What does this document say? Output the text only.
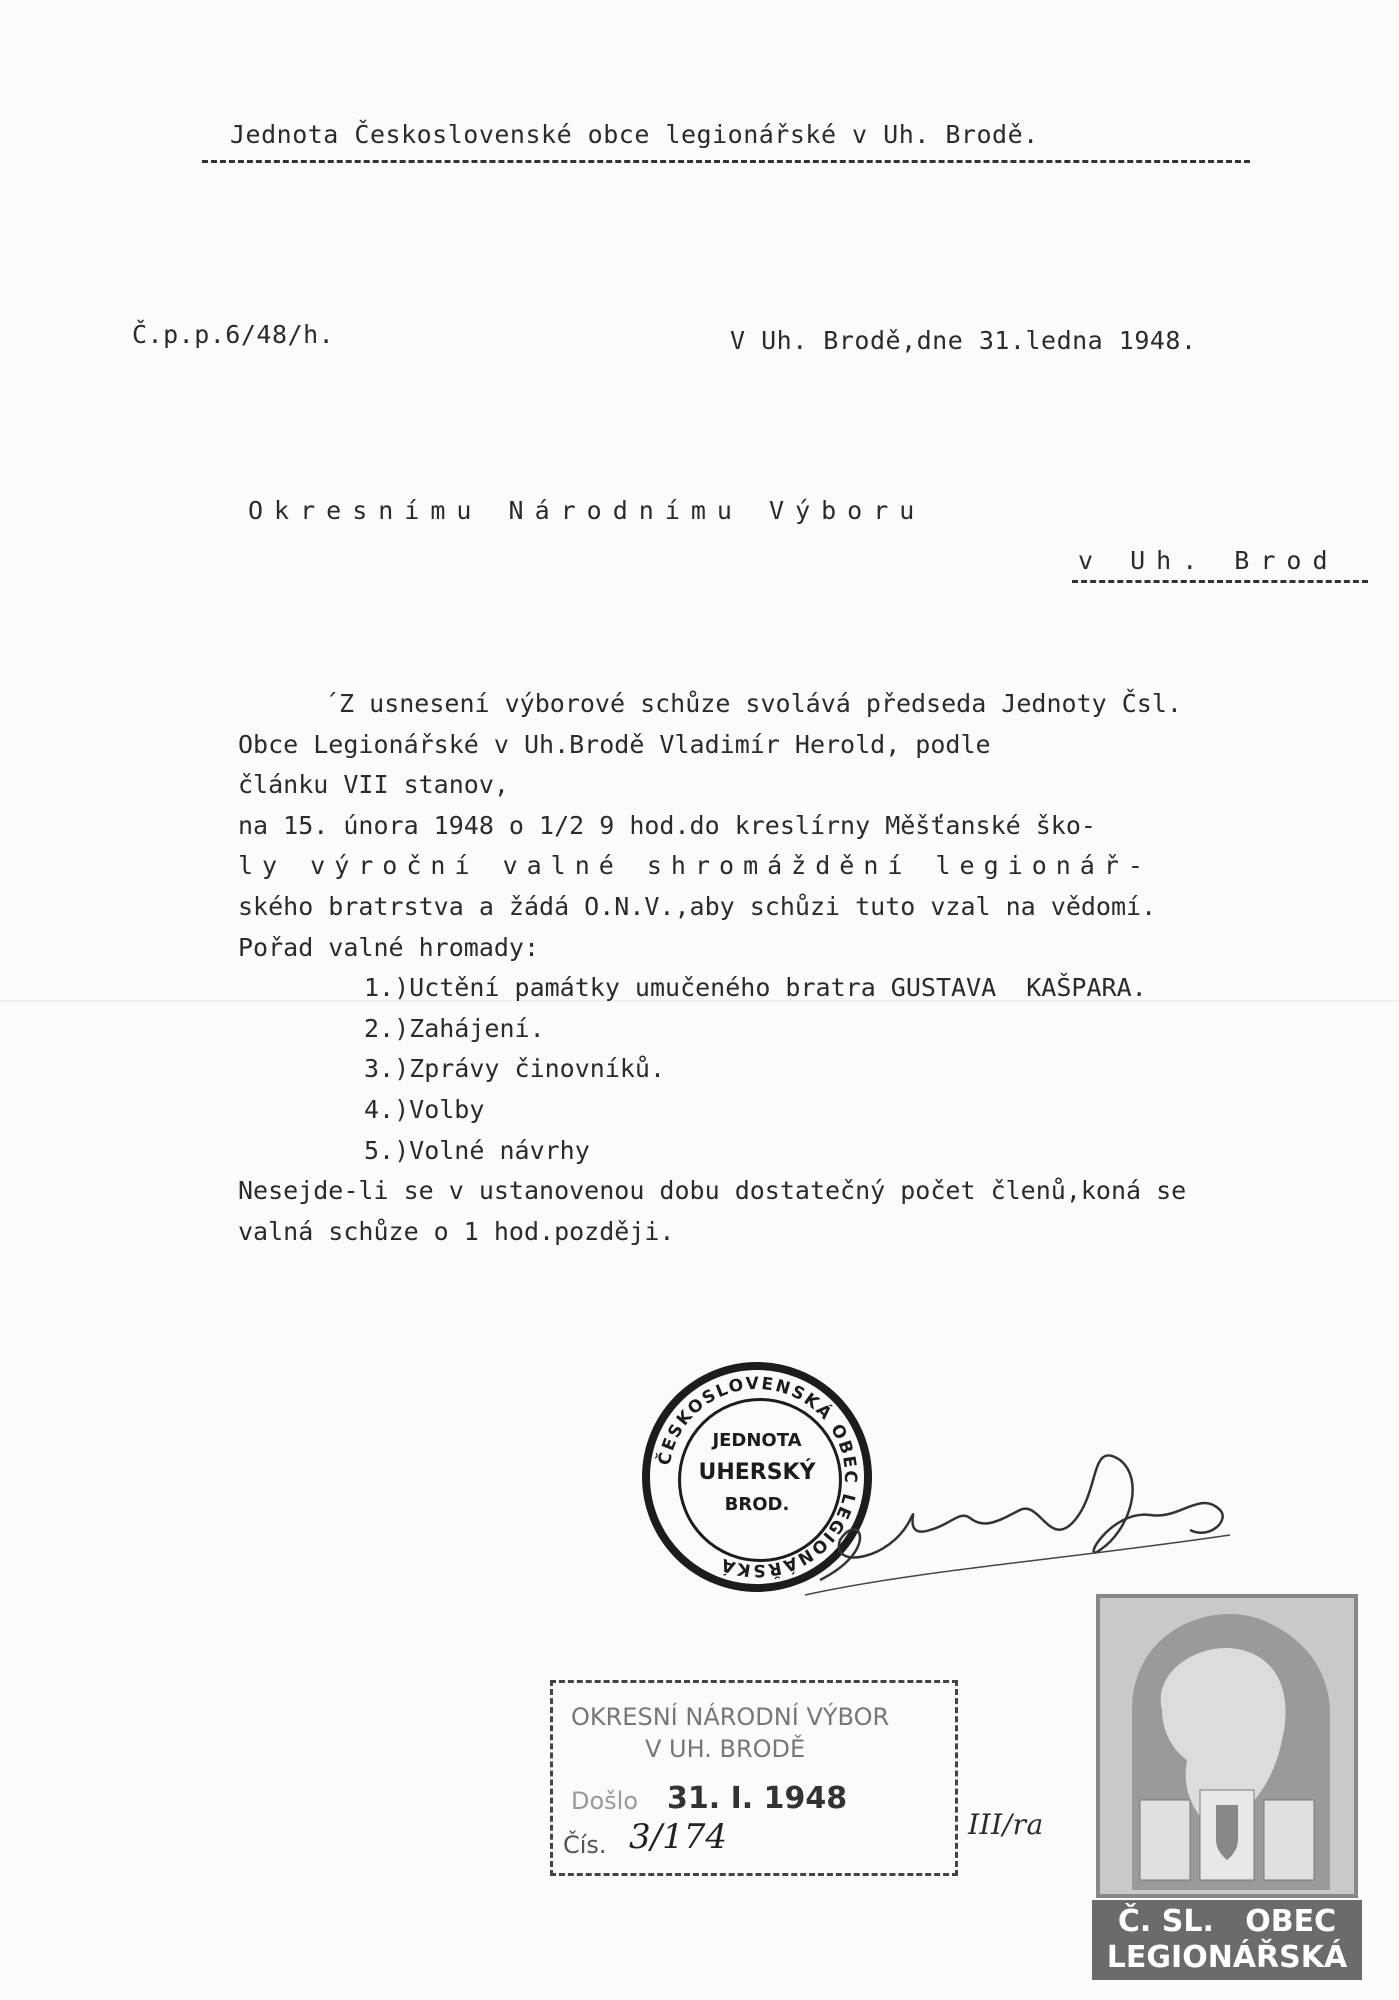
Jednota Československé obce legionářské v Uh. Brodě.
Č.p.p.6/48/h.	V Uh. Brodě,dne 31.ledna 1948.
Okresnímu Národnímu Výboru
v Uh. Brod
´Z usnesení výborové schůze svolává předseda Jednoty Čsl.
Obce Legionářské v Uh.Brodě Vladimír Herold, podle
článku VII stanov,
na 15. února 1948 o 1/2 9 hod.do kreslírny Měšťanské ško-
ly výroční valné shromáždění legionář-
ského bratrstva a žádá O.N.V.,aby schůzi tuto vzal na vědomí.
Pořad valné hromady:
1.)Uctění památky umučeného bratra GUSTAVA  KAŠPARA.
2.)Zahájení.
3.)Zprávy činovníků.
4.)Volby
5.)Volné návrhy
Nesejde-li se v ustanovenou dobu dostatečný počet členů,koná se
valná schůze o 1 hod.později.
ČESKOSLOVENSKÁ OBEC LEGIONÁŘSKÁ
JEDNOTA
UHERSKÝ
BROD.
OKRESNÍ NÁRODNÍ VÝBOR
V UH. BRODĚ
Došlo 31. I. 1948
Čís. 3/174	III/ra
Č. SL.   OBEC
LEGIONÁŘSKÁ
